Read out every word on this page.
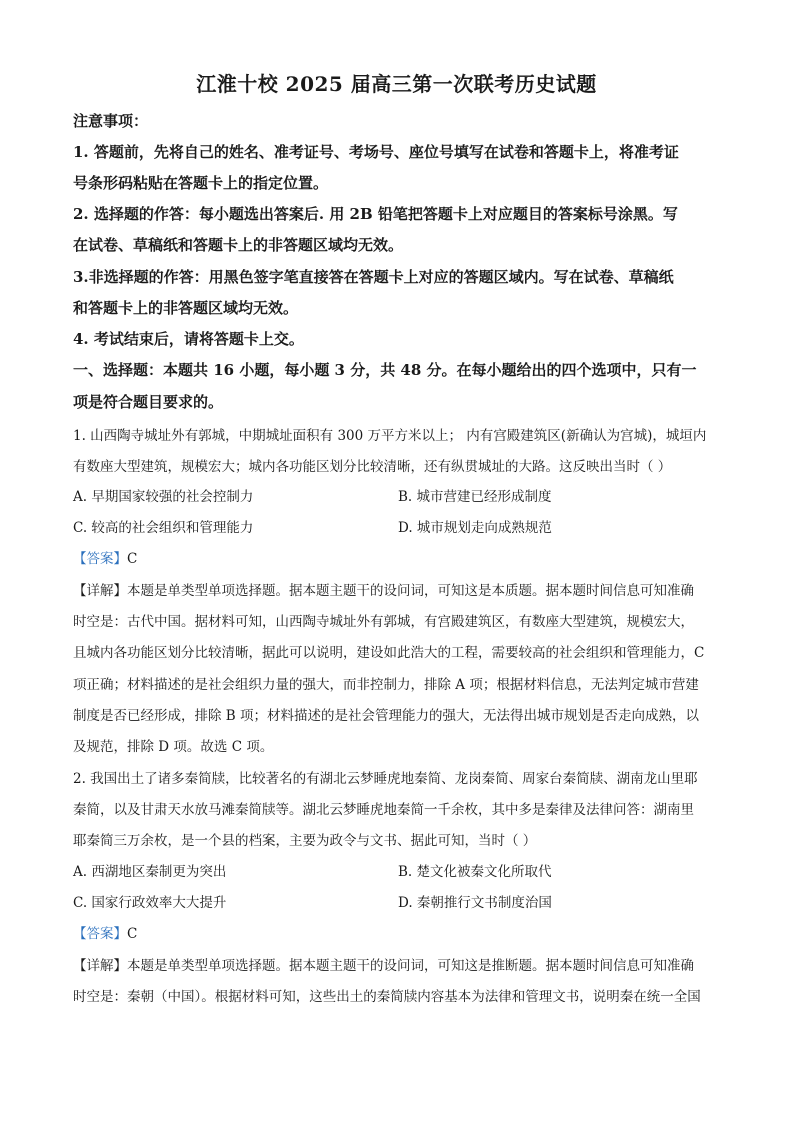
江淮十校 2025 届高三第一次联考历史试题
注意事项：
1. 答题前，先将自己的姓名、准考证号、考场号、座位号填写在试卷和答题卡上，将准考证
号条形码粘贴在答题卡上的指定位置。
2. 选择题的作答：每小题选出答案后. 用 2B 铅笔把答题卡上对应题目的答案标号涂黑。写
在试卷、草稿纸和答题卡上的非答题区域均无效。
3.非选择题的作答：用黑色签字笔直接答在答题卡上对应的答题区域内。写在试卷、草稿纸
和答题卡上的非答题区域均无效。
4. 考试结束后，请将答题卡上交。
一、选择题：本题共 16 小题，每小题 3 分，共 48 分。在每小题给出的四个选项中，只有一
项是符合题目要求的。
1. 山西陶寺城址外有郭城，中期城址面积有 300 万平方米以上； 内有宫殿建筑区(新确认为宫城)，城垣内
有数座大型建筑，规模宏大；城内各功能区划分比较清晰，还有纵贯城址的大路。这反映出当时（ ）
A. 早期国家较强的社会控制力	B. 城市营建已经形成制度
C. 较高的社会组织和管理能力	D. 城市规划走向成熟规范
【答案】C
【详解】本题是单类型单项选择题。据本题主题干的设问词，可知这是本质题。据本题时间信息可知准确
时空是：古代中国。据材料可知，山西陶寺城址外有郭城，有宫殿建筑区，有数座大型建筑，规模宏大，
且城内各功能区划分比较清晰，据此可以说明，建设如此浩大的工程，需要较高的社会组织和管理能力，C
项正确；材料描述的是社会组织力量的强大，而非控制力，排除 A 项；根据材料信息，无法判定城市营建
制度是否已经形成，排除 B 项；材料描述的是社会管理能力的强大，无法得出城市规划是否走向成熟，以
及规范，排除 D 项。故选 C 项。
2. 我国出土了诸多秦简牍，比较著名的有湖北云梦睡虎地秦简、龙岗秦简、周家台秦简牍、湖南龙山里耶
秦简，以及甘肃天水放马滩秦简牍等。湖北云梦睡虎地秦简一千余枚，其中多是秦律及法律问答：湖南里
耶秦简三万余枚，是一个县的档案，主要为政令与文书、据此可知，当时（ ）
A. 西湖地区秦制更为突出	B. 楚文化被秦文化所取代
C. 国家行政效率大大提升	D. 秦朝推行文书制度治国
【答案】C
【详解】本题是单类型单项选择题。据本题主题干的设问词，可知这是推断题。据本题时间信息可知准确
时空是：秦朝（中国）。根据材料可知，这些出土的秦简牍内容基本为法律和管理文书，说明秦在统一全国
